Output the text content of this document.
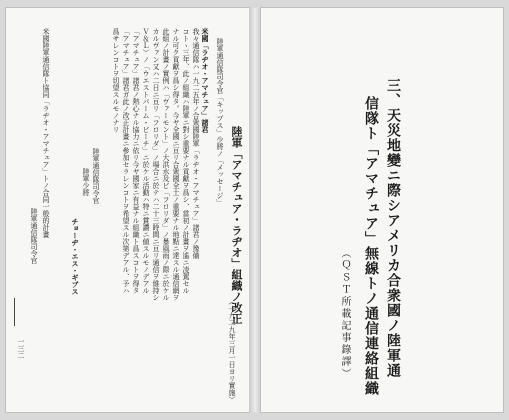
陸軍「アマチュア・ラヂオ」組織ノ改正
（一九二九年三月一日ヨリ實施）
陸軍通信隊司令官「キップス」少將ノ「メッセージ」
米國「ラヂオ・アマチュア」諸君
我々通信隊ハ一九二五年ノ合衆國陸軍「ラヂオ・アマチュア」諸君ノ豫備
コトヽ三年、此ノ組織ハ陸軍ニ對シ重要ナル貢獻ヲ爲シ、當初ノ計畫ヲ遙ニ凌駕セル
ナル可ク貢獻ヲ爲シ得タ。今ヤ全國ニ亘リ合衆國全土ノ重要ナル地點ニ達スル通信網ヲ
此組ノ計畫ノ實例ハ「ヴァーモント」ノ大洪水及ビ「フロリダ」ノ暴風雨ノ際ニ於ケル
カルヴァン又ハ二日ニ亘リ「フロリダ」ノ場合ニ於テハ二十三時間ニ亘リ通信ヲ維持シ
Ｖ＆Ｌ）ノ「ウエストパーム・ビーチ」ニ於ケル活動ハ特ニ賞讚ニ値スルモノデアル
「アマチュア」諸君ノ熱心ナル協力ニ依リ今ヤ國家ニ有益ナル組織ト爲スコトヲ得タ
「アマチュア」諸君ガ此ノ改正計畫ニ參加セラレンコトヲ希望スル次第デアル、予ハ
爲サレンコトヲ切望スルモノナリ
陸軍通信隊司令官
陸軍少將
チョーヂ・エス・ギブス
米國陸軍通信隊ト協同「ラヂオ・アマチュア」トノ合同一般的計畫
陸軍通信隊司令官
一三二	三、天災地變ニ際シアメリカ合衆國ノ陸軍通
信隊ト「アマチュア」無線トノ通信連絡組織
（ＱＳＴ所載記事錄譯）
